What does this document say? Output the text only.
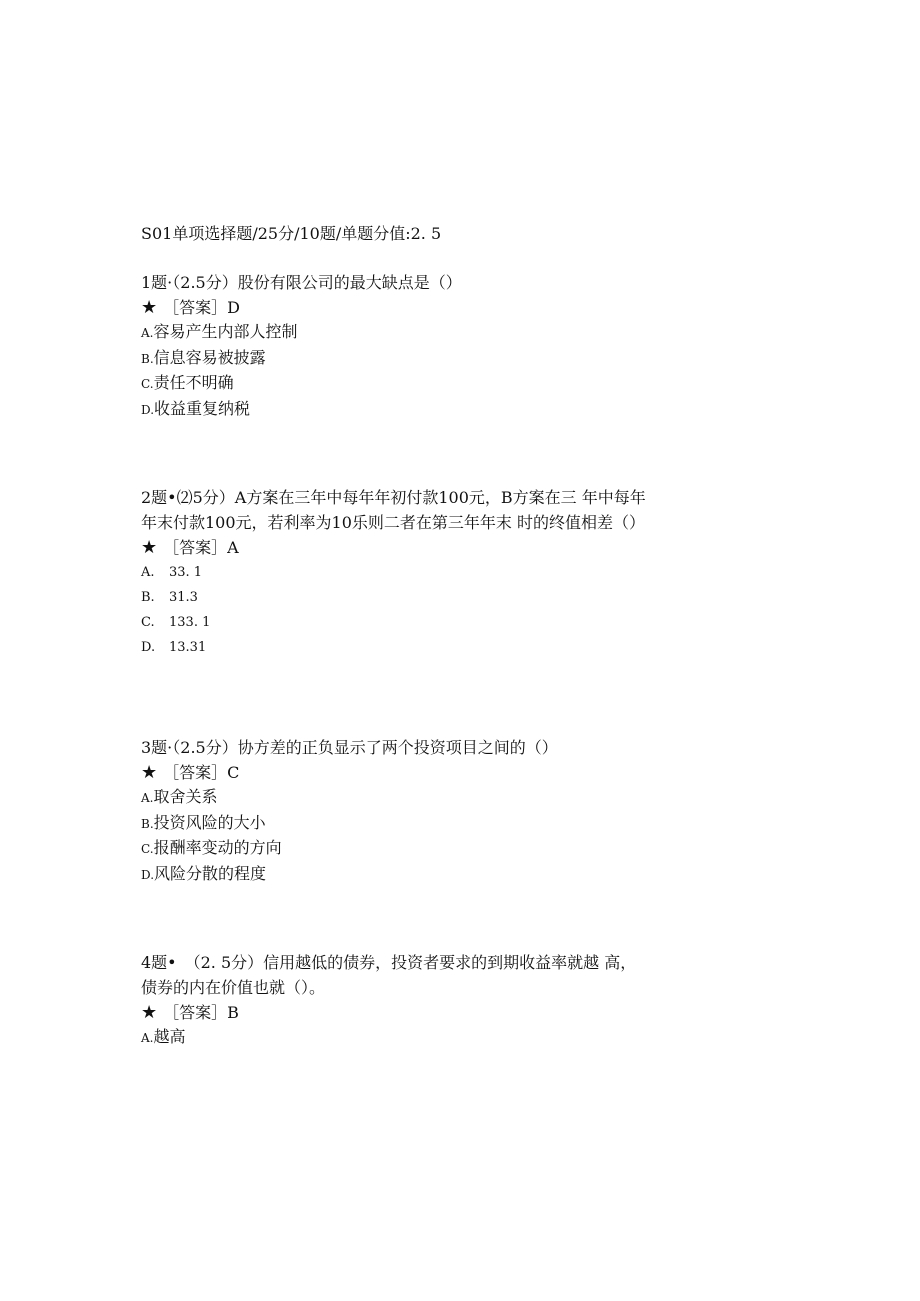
S01单项选择题/25分/10题/单题分值:2. 5
1题·（2.5分）股份有限公司的最大缺点是（）
★ ［答案］D
A.容易产生内部人控制
B.信息容易被披露
C.责任不明确
D.收益重复纳税
2题•⑵5分）A方案在三年中每年年初付款100元，B方案在三 年中每年
年末付款100元，若利率为10乐则二者在第三年年末 时的终值相差（）
★ ［答案］A
A. 33. 1
B. 31.3
C. 133. 1
D. 13.31
3题·（2.5分）协方差的正负显示了两个投资项目之间的（）
★ ［答案］C
A.取舍关系
B.投资风险的大小
C.报酬率变动的方向
D.风险分散的程度
4题•　（2. 5分）信用越低的债券，投资者要求的到期收益率就越 高，
债券的内在价值也就（）。
★ ［答案］B
A.越高
